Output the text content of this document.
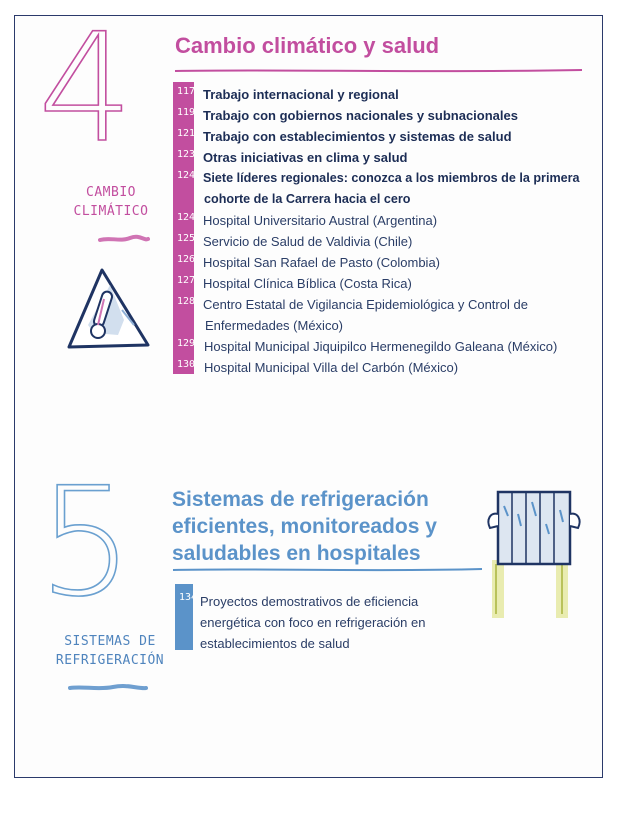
4
CAMBIO
CLIMÁTICO
Cambio climático y salud
117 Trabajo internacional y regional
119 Trabajo con gobiernos nacionales y subnacionales
121 Trabajo con establecimientos y sistemas de salud
123 Otras iniciativas en clima y salud
124 Siete líderes regionales: conozca a los miembros de la primera
cohorte de la Carrera hacia el cero
124 Hospital Universitario Austral (Argentina)
125 Servicio de Salud de Valdivia (Chile)
126 Hospital San Rafael de Pasto (Colombia)
127 Hospital Clínica Bíblica (Costa Rica)
128 Centro Estatal de Vigilancia Epidemiológica y Control de
Enfermedades (México)
129 Hospital Municipal Jiquipilco Hermenegildo Galeana (México)
130 Hospital Municipal Villa del Carbón (México)
5
SISTEMAS DE
REFRIGERACIÓN
Sistemas de refrigeración
eficientes, monitoreados y
saludables en hospitales
134 Proyectos demostrativos de eficiencia
energética con foco en refrigeración en
establecimientos de salud
